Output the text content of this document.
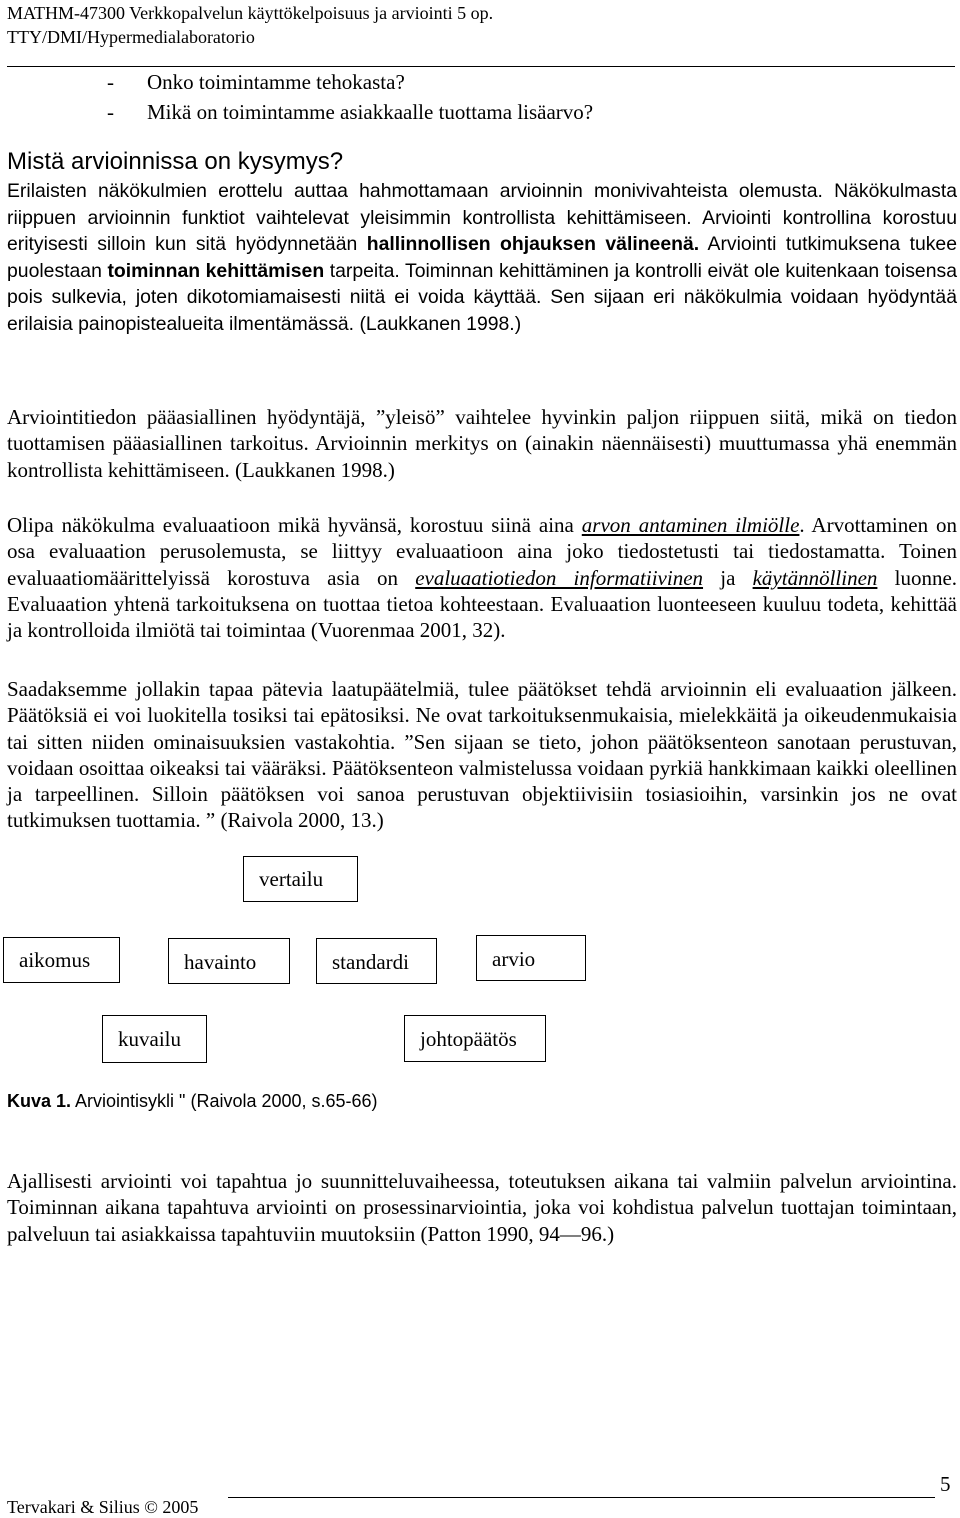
MATHM-47300 Verkkopalvelun käyttökelpoisuus ja arviointi 5 op.
TTY/DMI/Hypermedialaboratorio
- Onko toimintamme tehokasta?
- Mikä on toimintamme asiakkaalle tuottama lisäarvo?
Mistä arvioinnissa on kysymys?

Erilaisten näkökulmien erottelu auttaa hahmottamaan arvioinnin monivivahteista olemusta. Näkökulmasta riippuen arvioinnin funktiot vaihtelevat yleisimmin kontrollista kehittämiseen. Arviointi kontrollina korostuu erityisesti silloin kun sitä hyödynnetään hallinnollisen ohjauksen välineenä. Arviointi tutkimuksena tukee puolestaan toiminnan kehittämisen tarpeita. Toiminnan kehittäminen ja kontrolli eivät ole kuitenkaan toisensa pois sulkevia, joten dikotomiamaisesti niitä ei voida käyttää. Sen sijaan eri näkökulmia voidaan hyödyntää erilaisia painopistealueita ilmentämässä. (Laukkanen 1998.)

Arviointitiedon pääasiallinen hyödyntäjä, ”yleisö” vaihtelee hyvinkin paljon riippuen siitä, mikä on tiedon tuottamisen pääasiallinen tarkoitus. Arvioinnin merkitys on (ainakin näennäisesti) muuttumassa yhä enemmän kontrollista kehittämiseen. (Laukkanen 1998.)

Olipa näkökulma evaluaatioon mikä hyvänsä, korostuu siinä aina arvon antaminen ilmiölle. Arvottaminen on osa evaluaation perusolemusta, se liittyy evaluaatioon aina joko tiedostetusti tai tiedostamatta. Toinen evaluaatiomäärittelyissä korostuva asia on evaluaatiotiedon informatiivinen ja käytännöllinen luonne. Evaluaation yhtenä tarkoituksena on tuottaa tietoa kohteestaan. Evaluaation luonteeseen kuuluu todeta, kehittää ja kontrolloida ilmiötä tai toimintaa (Vuorenmaa 2001, 32).

Saadaksemme jollakin tapaa pätevia laatupäätelmiä, tulee päätökset tehdä arvioinnin eli evaluaation jälkeen. Päätöksiä ei voi luokitella tosiksi tai epätosiksi. Ne ovat tarkoituksenmukaisia, mielekkäitä ja oikeudenmukaisia tai sitten niiden ominaisuuksien vastakohtia. ”Sen sijaan se tieto, johon päätöksenteon sanotaan perustuvan, voidaan osoittaa oikeaksi tai vääräksi. Päätöksenteon valmistelussa voidaan pyrkiä hankkimaan kaikki oleellinen ja tarpeellinen. Silloin päätöksen voi sanoa perustuvan objektiivisiin tosiasioihin, varsinkin jos ne ovat tutkimuksen tuottamia. ” (Raivola 2000, 13.)

vertailu
aikomus	havainto	standardi	arvio
kuvailu	johtopäätös
Kuva 1. Arviointisykli " (Raivola 2000, s.65-66)

Ajallisesti arviointi voi tapahtua jo suunnitteluvaiheessa, toteutuksen aikana tai valmiin palvelun arviointina. Toiminnan aikana tapahtuva arviointi on prosessinarviointia, joka voi kohdistua palvelun tuottajan toimintaan, palveluun tai asiakkaissa tapahtuviin muutoksiin (Patton 1990, 94—96.)

5
Tervakari & Silius © 2005
